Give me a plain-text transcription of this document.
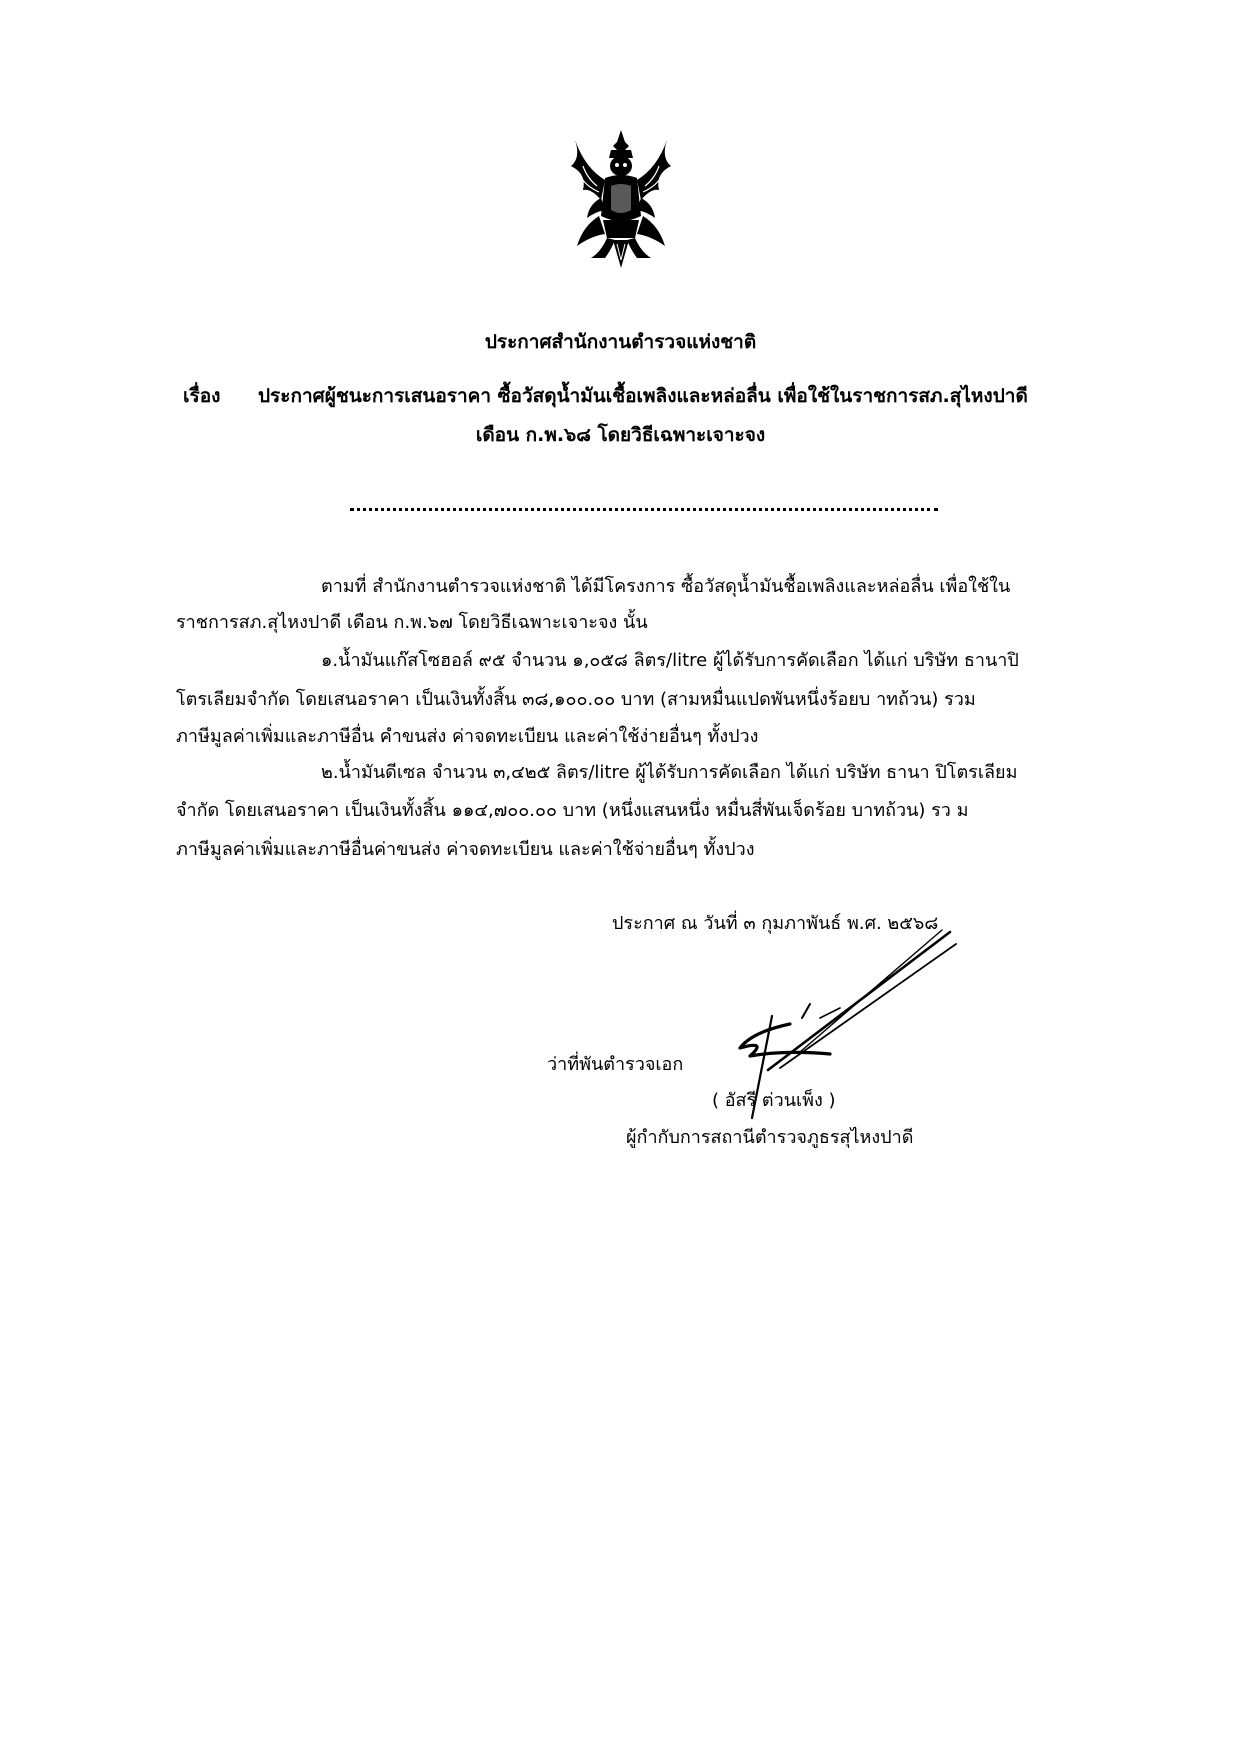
ประกาศสำนักงานตำรวจแห่งชาติ
เรื่อง ประกาศผู้ชนะการเสนอราคา ซื้อวัสดุน้ำมันเชื้อเพลิงและหล่อลื่น เพื่อใช้ในราชการสภ.สุไหงปาดี
เดือน ก.พ.๖๘ โดยวิธีเฉพาะเจาะจง
ตามที่ สำนักงานตำรวจแห่งชาติ ได้มีโครงการ ซื้อวัสดุน้ำมันชื้อเพลิงและหล่อลื่น เพื่อใช้ใน
ราชการสภ.สุไหงปาดี เดือน ก.พ.๖๗ โดยวิธีเฉพาะเจาะจง นั้น
๑.น้ำมันแก๊สโซฮอล์ ๙๕ จำนวน ๑,๐๕๘ ลิตร/litre ผู้ได้รับการคัดเลือก ได้แก่ บริษัท ธานาปิ
โตรเลียมจำกัด โดยเสนอราคา เป็นเงินทั้งสิ้น ๓๘,๑๐๐.๐๐ บาท (สามหมื่นแปดพันหนึ่งร้อยบ าทถ้วน) รวม
ภาษีมูลค่าเพิ่มและภาษีอื่น คำขนส่ง ค่าจดทะเบียน และค่าใช้ง่ายอื่นๆ ทั้งปวง
๒.น้ำมันดีเซล จำนวน ๓,๔๒๕ ลิตร/litre ผู้ได้รับการคัดเลือก ได้แก่ บริษัท ธานา ปิโตรเลียม
จำกัด โดยเสนอราคา เป็นเงินทั้งสิ้น ๑๑๔,๗๐๐.๐๐ บาท (หนึ่งแสนหนึ่ง หมื่นสี่พันเจ็ดร้อย บาทถ้วน) รว ม
ภาษีมูลค่าเพิ่มและภาษีอื่นค่าขนส่ง ค่าจดทะเบียน และค่าใช้จ่ายอื่นๆ ทั้งปวง
ประกาศ ณ วันที่ ๓ กุมภาพันธ์ พ.ศ. ๒๕๖๘
ว่าที่พันตำรวจเอก
( อัสรี ต่วนเพ็ง )
ผู้กำกับการสถานีตำรวจภูธรสุไหงปาดี
